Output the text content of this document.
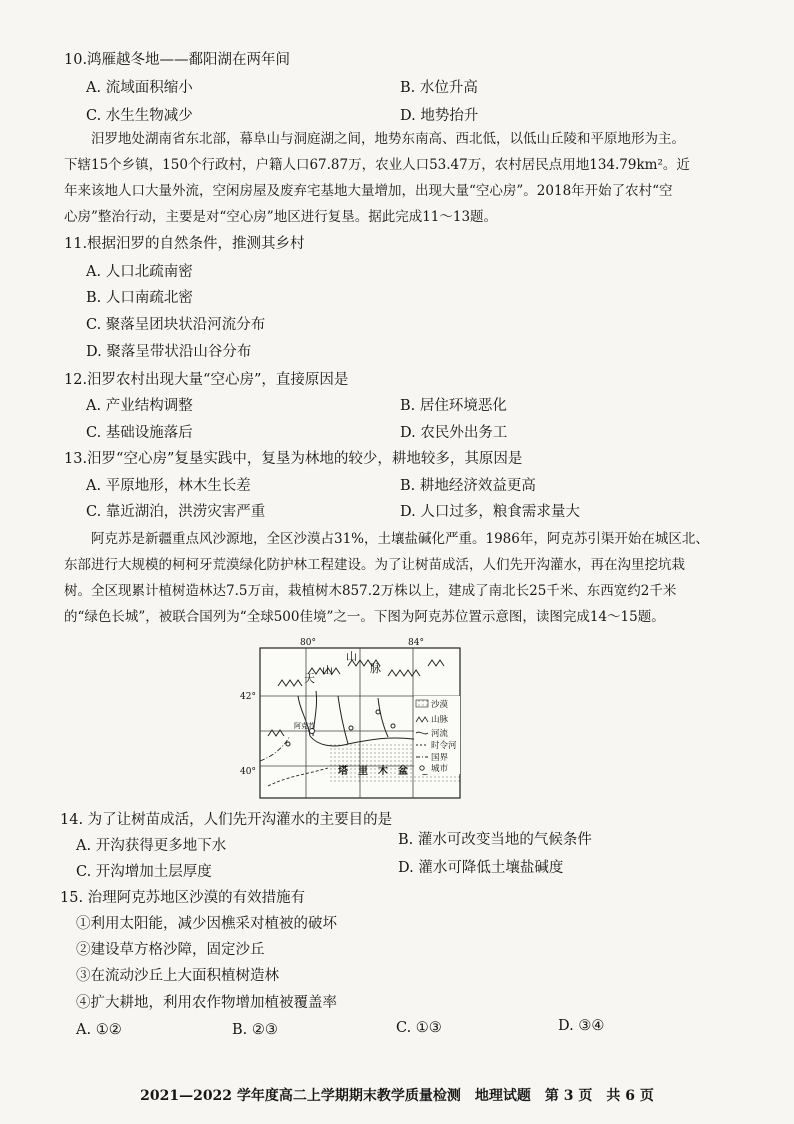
10.鸿雁越冬地——鄱阳湖在两年间
A. 流域面积缩小	B. 水位升高
C. 水生生物减少	D. 地势抬升
汨罗地处湖南省东北部，幕阜山与洞庭湖之间，地势东南高、西北低，以低山丘陵和平原地形为主。
下辖15个乡镇，150个行政村，户籍人口67.87万，农业人口53.47万，农村居民点用地134.79km²。近
年来该地人口大量外流，空闲房屋及废弃宅基地大量增加，出现大量“空心房”。2018年开始了农村“空
心房”整治行动，主要是对“空心房”地区进行复垦。据此完成11～13题。
11.根据汨罗的自然条件，推测其乡村
A. 人口北疏南密
B. 人口南疏北密
C. 聚落呈团块状沿河流分布
D. 聚落呈带状沿山谷分布
12.汨罗农村出现大量“空心房”，直接原因是
A. 产业结构调整	B. 居住环境恶化
C. 基础设施落后	D. 农民外出务工
13.汨罗“空心房”复垦实践中，复垦为林地的较少，耕地较多，其原因是
A. 平原地形，林木生长差	B. 耕地经济效益更高
C. 靠近湖泊，洪涝灾害严重	D. 人口过多，粮食需求量大
阿克苏是新疆重点风沙源地，全区沙漠占31%，土壤盐碱化严重。1986年，阿克苏引渠开始在城区北、
东部进行大规模的柯柯牙荒漠绿化防护林工程建设。为了让树苗成活，人们先开沟灌水，再在沟里挖坑栽
树。全区现累计植树造林达7.5万亩，栽植树木857.2万株以上，建成了南北长25千米、东西宽约2千米
的“绿色长城”，被联合国列为“全球500佳境”之一。下图为阿克苏位置示意图，读图完成14～15题。
80°	84°
42°
40°
天
山
山
脉
阿克苏
塔 里 木 盆
沙漠
山脉
河流
时令河
国界
城市
14. 为了让树苗成活，人们先开沟灌水的主要目的是
A. 开沟获得更多地下水	B. 灌水可改变当地的气候条件
C. 开沟增加土层厚度	D. 灌水可降低土壤盐碱度
15. 治理阿克苏地区沙漠的有效措施有
①利用太阳能，减少因樵采对植被的破坏
②建设草方格沙障，固定沙丘
③在流动沙丘上大面积植树造林
④扩大耕地，利用农作物增加植被覆盖率
A. ①②	B. ②③	C. ①③	D. ③④
2021—2022 学年度高二上学期期末教学质量检测　地理试题　第 3 页　共 6 页
